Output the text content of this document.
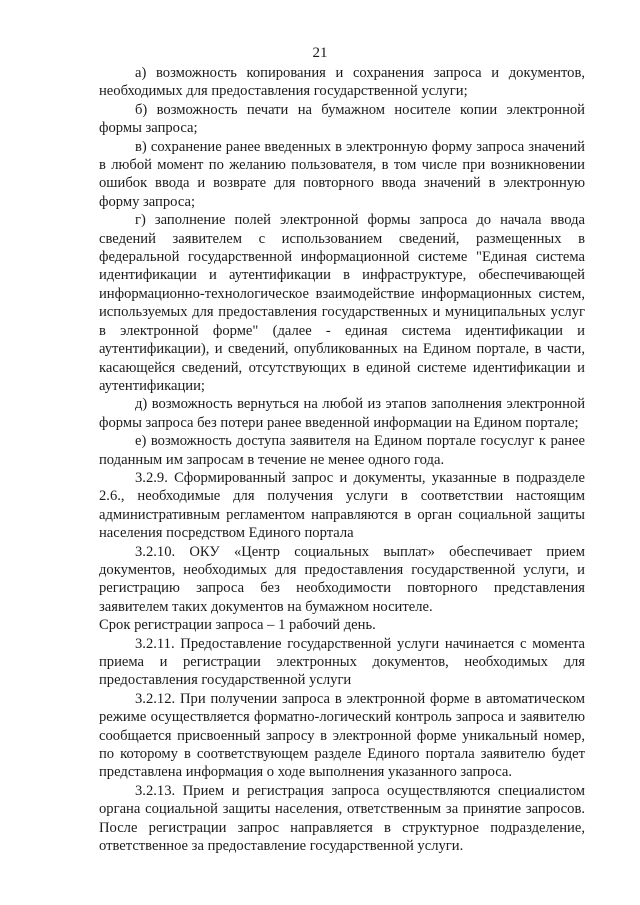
21

а) возможность копирования и сохранения запроса и документов, необходимых для предоставления государственной услуги;

б) возможность печати на бумажном носителе копии электронной формы запроса;

в) сохранение ранее введенных в электронную форму запроса значений в любой момент по желанию пользователя, в том числе при возникновении ошибок ввода и возврате для повторного ввода значений в электронную форму запроса;

г) заполнение полей электронной формы запроса до начала ввода сведений заявителем с использованием сведений, размещенных в федеральной государственной информационной системе "Единая система идентификации и аутентификации в инфраструктуре, обеспечивающей информационно-технологическое взаимодействие информационных систем, используемых для предоставления государственных и муниципальных услуг в электронной форме" (далее - единая система идентификации и аутентификации), и сведений, опубликованных на Едином портале, в части, касающейся сведений, отсутствующих в единой системе идентификации и аутентификации;

д) возможность вернуться на любой из этапов заполнения электронной формы запроса без потери ранее введенной информации на Едином портале;

е) возможность доступа заявителя на Едином портале госуслуг к ранее поданным им запросам в течение не менее одного года.

3.2.9. Сформированный запрос и документы, указанные в подразделе 2.6., необходимые для получения услуги в соответствии настоящим административным регламентом направляются в орган социальной защиты населения посредством Единого портала

3.2.10. ОКУ «Центр социальных выплат» обеспечивает прием документов, необходимых для предоставления государственной услуги, и регистрацию запроса без необходимости повторного представления заявителем таких документов на бумажном носителе.

Срок регистрации запроса – 1 рабочий день.

3.2.11. Предоставление государственной услуги начинается с момента приема и регистрации электронных документов, необходимых для предоставления государственной услуги

3.2.12. При получении запроса в электронной форме в автоматическом режиме осуществляется форматно-логический контроль запроса и заявителю сообщается присвоенный запросу в электронной форме уникальный номер, по которому в соответствующем разделе Единого портала заявителю будет представлена информация о ходе выполнения указанного запроса.

3.2.13. Прием и регистрация запроса осуществляются специалистом органа социальной защиты населения, ответственным за принятие запросов. После регистрации запрос направляется в структурное подразделение, ответственное за предоставление государственной услуги.
